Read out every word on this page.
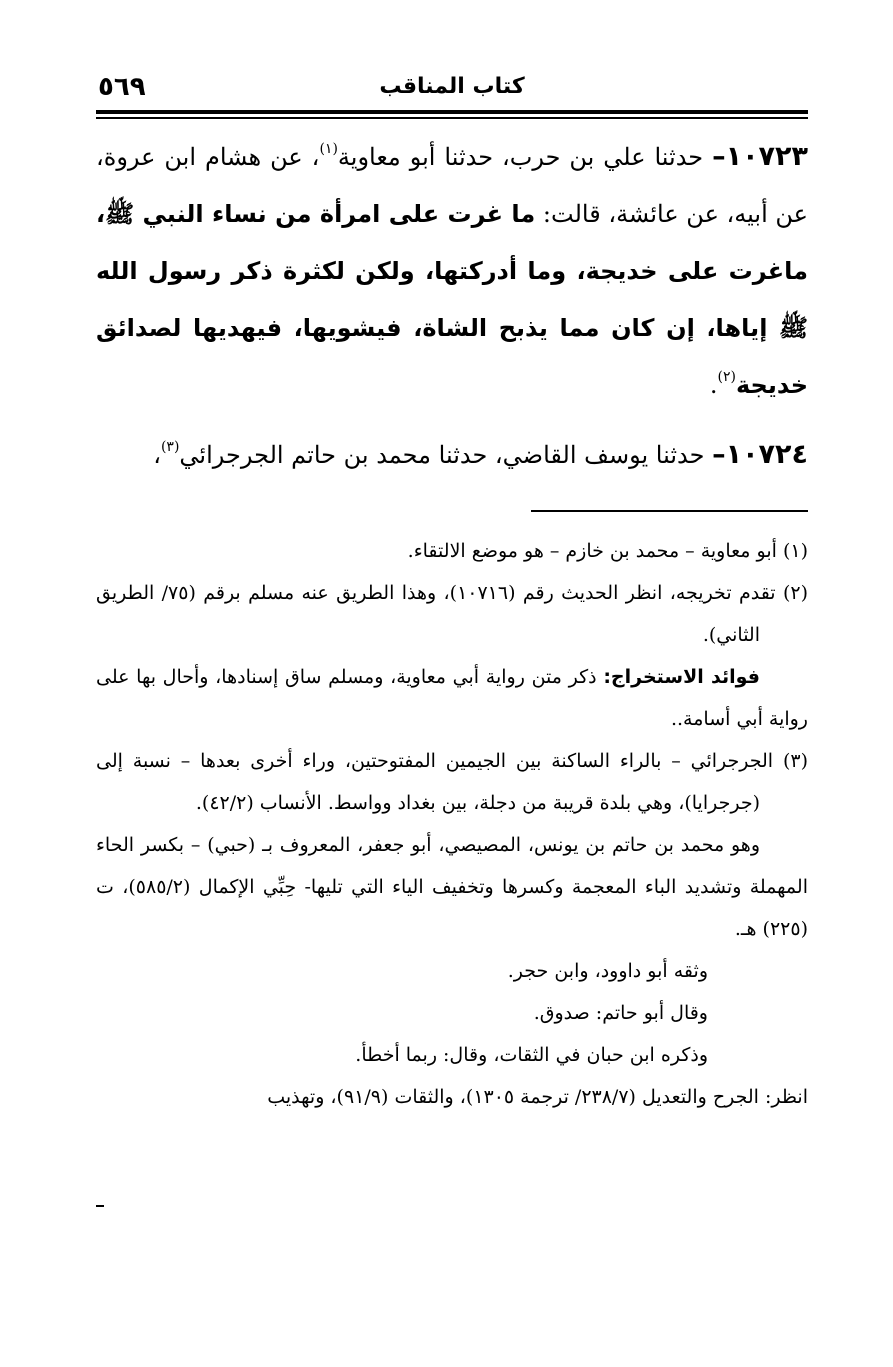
كتاب المناقب
٥٦٩

١٠٧٢٣– حدثنا علي بن حرب، حدثنا أبو معاوية$^{(١)}$، عن هشام ابن عروة، عن أبيه، عن عائشة، قالت: ما غرت على امرأة من نساء النبي ﷺ، ماغرت على خديجة، وما أدركتها، ولكن لكثرة ذكر رسول الله ﷺ إياها، إن كان مما يذبح الشاة، فيشويها، فيهديها لصدائق خديجة$^{(٢)}$.

١٠٧٢٤– حدثنا يوسف القاضي، حدثنا محمد بن حاتم الجرجرائي$^{(٣)}$،

(١) أبو معاوية – محمد بن خازم – هو موضع الالتقاء.

(٢) تقدم تخريجه، انظر الحديث رقم (١٠٧١٦)، وهذا الطريق عنه مسلم برقم (٧٥/ الطريق الثاني).

فوائد الاستخراج: ذكر متن رواية أبي معاوية، ومسلم ساق إسنادها، وأحال بها على رواية أبي أسامة..

(٣) الجرجرائي – بالراء الساكنة بين الجيمين المفتوحتين، وراء أخرى بعدها – نسبة إلى (جرجرايا)، وهي بلدة قريبة من دجلة، بين بغداد وواسط. الأنساب (٤٢/٢).

وهو محمد بن حاتم بن يونس، المصيصي، أبو جعفر، المعروف بـ (حبي) – بكسر الحاء المهملة وتشديد الباء المعجمة وكسرها وتخفيف الياء التي تليها- حِبِّي الإكمال (٥٨٥/٢)، ت (٢٢٥) هـ.

وثقه أبو داوود، وابن حجر.

وقال أبو حاتم: صدوق.

وذكره ابن حبان في الثقات، وقال: ربما أخطأ.

انظر: الجرح والتعديل (٢٣٨/٧/ ترجمة ١٣٠٥)، والثقات (٩١/٩)، وتهذيب
